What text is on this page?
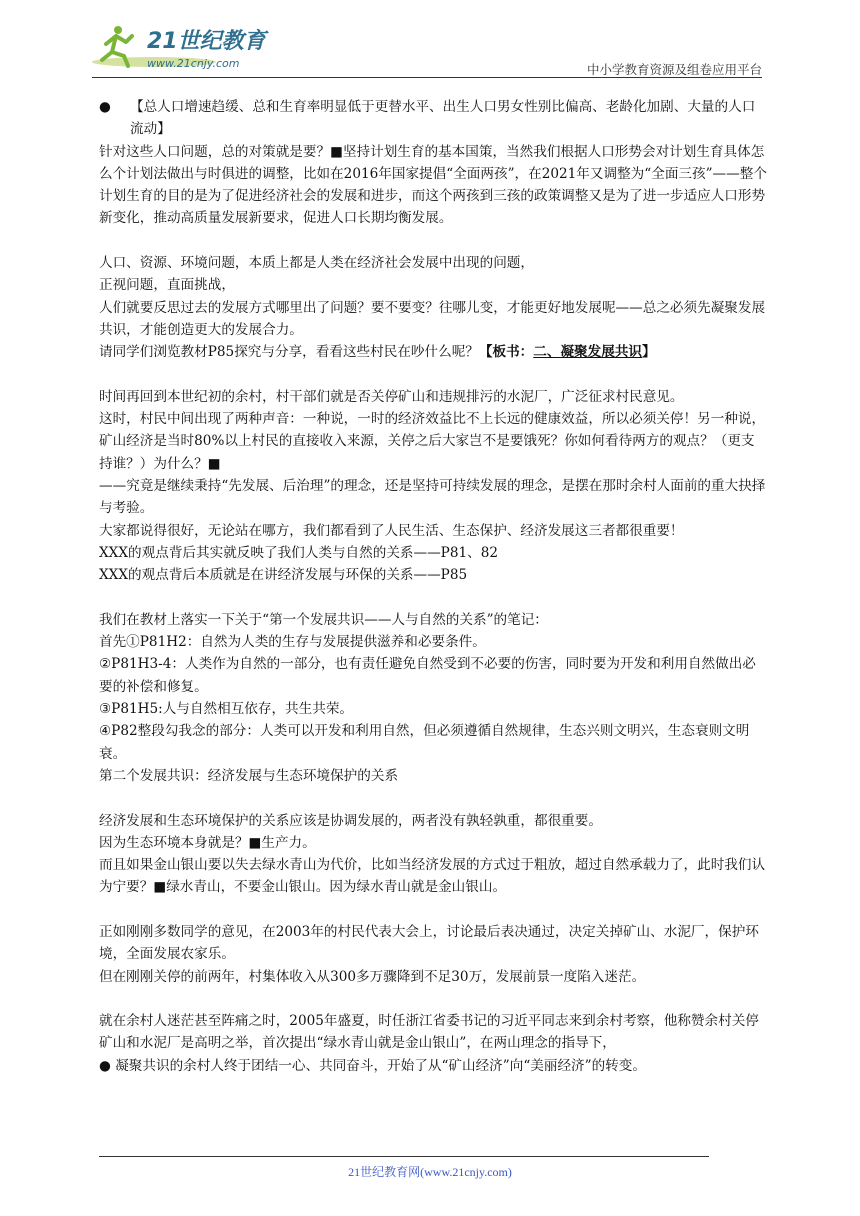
21世纪教育
www.21cnjy.com	中小学教育资源及组卷应用平台

● 【总人口增速趋缓、总和生育率明显低于更替水平、出生人口男女性别比偏高、老龄化加剧、大量的人口流动】

针对这些人口问题，总的对策就是要？■坚持计划生育的基本国策，当然我们根据人口形势会对计划生育具体怎么个计划法做出与时俱进的调整，比如在2016年国家提倡“全面两孩”，在2021年又调整为“全面三孩”——整个计划生育的目的是为了促进经济社会的发展和进步，而这个两孩到三孩的政策调整又是为了进一步适应人口形势新变化，推动高质量发展新要求，促进人口长期均衡发展。

人口、资源、环境问题，本质上都是人类在经济社会发展中出现的问题，

正视问题，直面挑战，

人们就要反思过去的发展方式哪里出了问题？要不要变？往哪儿变，才能更好地发展呢——总之必须先凝聚发展共识，才能创造更大的发展合力。

请同学们浏览教材P85探究与分享，看看这些村民在吵什么呢？【板书：二、凝聚发展共识】

时间再回到本世纪初的余村，村干部们就是否关停矿山和违规排污的水泥厂，广泛征求村民意见。

这时，村民中间出现了两种声音：一种说，一时的经济效益比不上长远的健康效益，所以必须关停！另一种说，矿山经济是当时80%以上村民的直接收入来源，关停之后大家岂不是要饿死？你如何看待两方的观点？（更支持谁？）为什么？■

——究竟是继续秉持“先发展、后治理”的理念，还是坚持可持续发展的理念，是摆在那时余村人面前的重大抉择与考验。

大家都说得很好，无论站在哪方，我们都看到了人民生活、生态保护、经济发展这三者都很重要！

XXX的观点背后其实就反映了我们人类与自然的关系——P81、82

XXX的观点背后本质就是在讲经济发展与环保的关系——P85

我们在教材上落实一下关于“第一个发展共识——人与自然的关系”的笔记：

首先①P81H2：自然为人类的生存与发展提供滋养和必要条件。

②P81H3-4：人类作为自然的一部分，也有责任避免自然受到不必要的伤害，同时要为开发和利用自然做出必要的补偿和修复。

③P81H5:人与自然相互依存，共生共荣。

④P82整段勾我念的部分：人类可以开发和利用自然，但必须遵循自然规律，生态兴则文明兴，生态衰则文明衰。

第二个发展共识：经济发展与生态环境保护的关系

经济发展和生态环境保护的关系应该是协调发展的，两者没有孰轻孰重，都很重要。

因为生态环境本身就是？■生产力。

而且如果金山银山要以失去绿水青山为代价，比如当经济发展的方式过于粗放，超过自然承载力了，此时我们认为宁要？■绿水青山，不要金山银山。因为绿水青山就是金山银山。

正如刚刚多数同学的意见，在2003年的村民代表大会上，讨论最后表决通过，决定关掉矿山、水泥厂，保护环境，全面发展农家乐。

但在刚刚关停的前两年，村集体收入从300多万骤降到不足30万，发展前景一度陷入迷茫。

就在余村人迷茫甚至阵痛之时，2005年盛夏，时任浙江省委书记的习近平同志来到余村考察，他称赞余村关停矿山和水泥厂是高明之举，首次提出“绿水青山就是金山银山”，在两山理念的指导下，

● 凝聚共识的余村人终于团结一心、共同奋斗，开始了从“矿山经济”向“美丽经济”的转变。

21世纪教育网(www.21cnjy.com)
